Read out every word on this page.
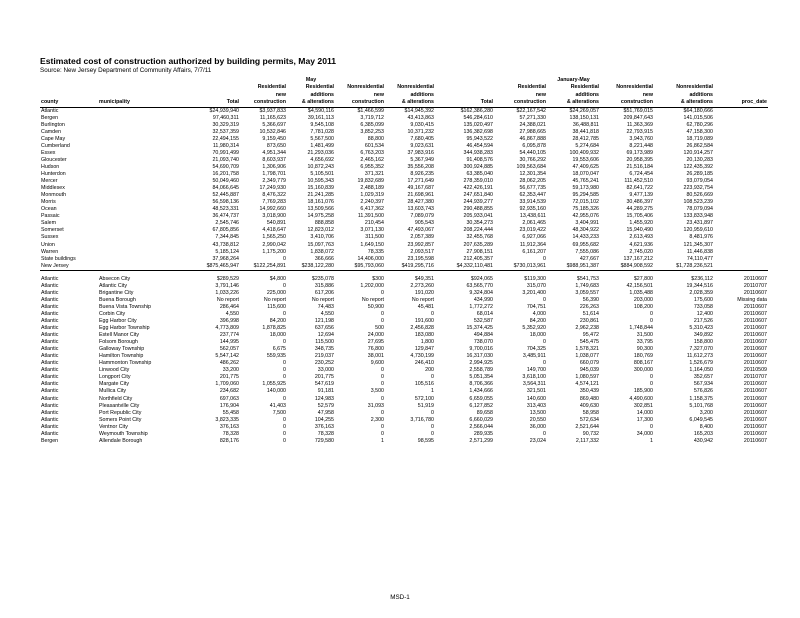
Estimated cost of construction authorized by building permits, May 2011
Source: New Jersey Department of Community Affairs, 7/7/11
				May					January-May			
			Residential	Residential	Nonresidential	Nonresidential		Residential	Residential	Nonresidential	Nonresidential	
			new	additions	new	additions		new	additions	new	additions	
county	municipality	Total	construction	& alterations	construction	& alterations	Total	construction	& alterations	construction	& alterations	proc_date
Atlantic		$24,939,940	$3,937,833	$4,590,116	$1,466,599	$14,945,392	$162,386,280	$22,167,542	$24,269,057	$51,769,015	$64,180,666	
Bergen		97,460,311	11,165,623	39,161,113	3,719,712	43,413,863	546,284,610	57,271,330	138,150,131	209,847,643	141,015,506	
Burlington		30,329,319	5,366,697	9,545,108	6,385,099	9,030,415	135,020,497	24,388,021	36,488,811	11,363,369	62,780,296	
Camden		32,537,359	10,532,846	7,781,028	3,852,253	10,371,232	136,382,698	27,988,665	38,441,818	22,793,915	47,158,300	
Cape May		22,494,155	9,159,450	5,567,500	88,800	7,680,405	95,943,522	46,867,888	28,412,785	3,943,760	18,719,089	
Cumberland		11,980,314	873,650	1,481,499	601,534	9,023,631	46,454,594	6,095,878	5,274,684	8,221,448	26,862,584	
Essex		70,991,499	4,951,344	21,293,036	6,763,203	37,983,916	344,938,283	54,440,105	100,409,932	69,173,989	120,914,257	
Gloucester		21,093,740	8,603,937	4,656,692	2,465,162	5,367,949	91,408,576	30,766,292	19,553,606	20,958,395	20,130,283	
Hudson		54,690,709	1,306,906	10,872,243	6,955,352	35,556,208	300,924,885	109,563,684	47,409,625	21,516,184	122,435,392	
Hunterdon		16,201,758	1,798,701	5,105,501	371,321	8,926,235	63,385,040	12,301,354	18,070,047	6,724,454	26,289,185	
Mercer		50,049,460	2,349,779	10,595,343	19,832,689	17,271,649	278,359,010	28,062,205	45,765,241	111,452,510	93,079,054	
Middlesex		84,066,645	17,249,930	15,160,839	2,488,189	49,167,687	422,426,191	56,677,735	59,173,980	82,641,722	223,932,754	
Monmouth		52,445,887	8,476,322	21,241,285	1,029,319	21,698,961	247,651,840	62,353,447	95,294,585	9,477,139	80,526,669	
Morris		56,598,136	7,769,283	18,161,076	2,240,397	28,427,380	244,939,277	33,914,539	72,015,102	30,486,397	108,523,239	
Ocean		48,523,331	14,992,660	13,509,566	6,417,362	13,603,743	290,488,855	92,935,160	75,185,326	44,289,275	78,079,094	
Passaic		36,474,737	3,018,900	14,975,258	11,391,500	7,089,079	205,933,041	13,438,611	42,955,076	15,705,406	133,833,948	
Salem		2,545,746	540,891	888,858	210,454	905,543	30,354,273	2,061,465	3,404,991	1,455,920	23,431,897	
Somerset		67,805,856	4,418,647	12,823,012	3,071,130	47,493,067	208,224,444	23,019,422	48,304,922	15,940,490	120,959,610	
Sussex		7,344,845	1,565,250	3,410,706	311,500	2,057,389	32,455,768	6,927,066	14,433,233	2,613,493	8,481,976	
Union		43,738,812	2,990,042	15,097,763	1,649,150	23,992,857	207,635,289	11,912,364	69,955,682	4,621,936	121,345,307	
Warren		5,185,124	1,175,200	1,838,072	78,335	2,093,517	27,908,151	6,161,207	7,555,086	2,745,020	11,446,838	
State buildings		37,968,264	0	366,666	14,406,000	23,195,598	212,405,357	0	427,667	137,167,212	74,110,477	
New Jersey		$875,465,947	$122,254,891	$238,122,280	$95,793,060	$419,295,716	$4,332,110,481	$730,013,961	$988,951,387	$884,908,592	$1,728,236,521	

Atlantic	Absecon City	$289,529	$4,800	$235,078	$300	$49,351	$924,065	$119,300	$541,753	$27,800	$236,112	20110607
Atlantic	Atlantic City	3,791,146	0	315,886	1,202,000	2,273,260	63,565,770	315,070	1,749,683	42,156,501	19,344,516	20110707
Atlantic	Brigantine City	1,033,226	225,000	617,206	0	191,020	9,324,804	3,201,400	3,059,557	1,035,488	2,028,359	20110607
Atlantic	Buena Borough	No report	No report	No report	No report	No report	434,990	0	56,390	203,000	175,600	Missing data
Atlantic	Buena Vista Township	286,464	115,600	74,483	50,900	45,481	1,772,272	704,751	226,263	108,200	733,058	20110607
Atlantic	Corbin City	4,550	0	4,550	0	0	68,014	4,000	51,614	0	12,400	20110607
Atlantic	Egg Harbor City	396,998	84,200	121,198	0	191,600	532,587	84,200	230,861	0	217,526	20110607
Atlantic	Egg Harbor Township	4,773,809	1,878,825	637,656	500	2,456,828	15,374,425	5,352,920	2,962,238	1,748,844	5,310,423	20110607
Atlantic	Estell Manor City	237,774	18,000	12,694	24,000	183,080	494,884	18,000	95,472	31,500	349,892	20110607
Atlantic	Folsom Borough	144,995	0	115,500	27,695	1,800	738,070	0	545,475	33,795	158,800	20110607
Atlantic	Galloway Township	562,057	6,675	348,735	76,800	129,847	9,700,016	704,325	1,578,321	90,300	7,327,070	20110607
Atlantic	Hamilton Township	5,547,142	559,935	219,037	38,001	4,730,199	16,317,030	3,485,911	1,038,077	180,769	11,612,273	20110607
Atlantic	Hammonton Township	486,262	0	230,252	9,600	246,410	2,994,925	0	660,079	808,167	1,526,679	20110607
Atlantic	Linwood City	33,200	0	33,000	0	200	2,558,789	149,700	945,039	300,000	1,164,050	20110509
Atlantic	Longport City	201,775	0	201,775	0	0	5,051,354	3,618,100	1,080,597	0	352,657	20110707
Atlantic	Margate City	1,709,060	1,055,925	547,619	0	105,516	8,706,366	3,564,311	4,574,121	0	567,934	20110607
Atlantic	Mullica City	234,682	140,000	91,181	3,500	1	1,434,666	321,501	350,439	185,900	576,826	20110607
Atlantic	Northfield City	697,063	0	124,983	0	572,100	6,659,055	140,600	869,480	4,490,600	1,158,375	20110607
Atlantic	Pleasantville City	176,904	41,403	52,579	31,093	51,919	6,127,852	313,403	409,630	302,851	5,101,768	20110607
Atlantic	Port Republic City	55,458	7,500	47,958	0	0	89,658	13,500	58,958	14,000	3,200	20110607
Atlantic	Somers Point City	3,823,335	0	104,255	2,300	3,716,780	6,660,029	20,550	572,634	17,300	6,049,545	20110607
Atlantic	Ventnor City	376,163	0	376,163	0	0	2,566,044	36,000	2,521,644	0	8,400	20110607
Atlantic	Weymouth Township	78,328	0	78,328	0	0	289,935	0	90,732	34,000	165,203	20110607
Bergen	Allendale Borough	828,176	0	729,580	1	98,595	2,571,299	23,024	2,117,332	1	430,942	20110607
MSD-1
